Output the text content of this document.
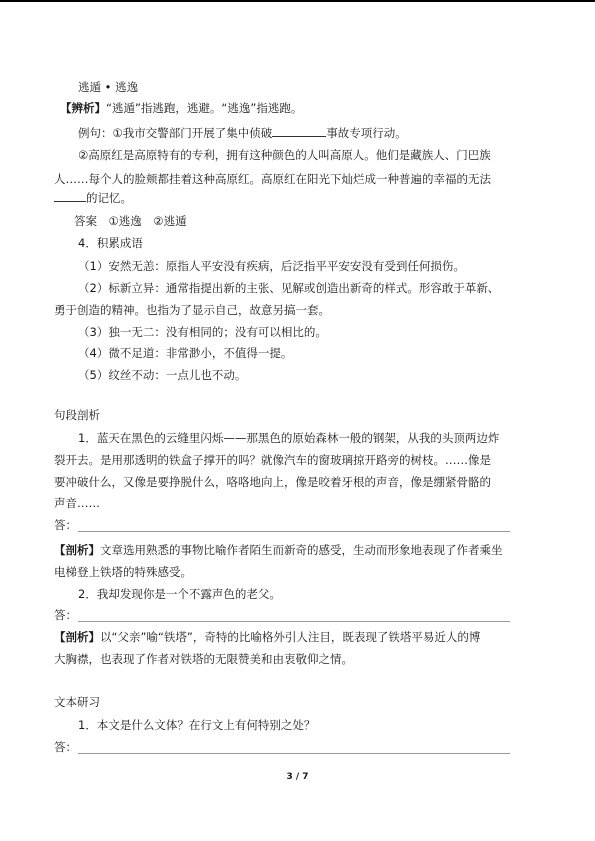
逃遁 • 逃逸
【辨析】“逃遁”指逃跑，逃避。“逃逸”指逃跑。
例句：①我市交警部门开展了集中侦破	事故专项行动。
②高原红是高原特有的专利，拥有这种颜色的人叫高原人。他们是藏族人、门巴族
人……每个人的脸颊都挂着这种高原红。高原红在阳光下灿烂成一种普遍的幸福的无法
的记忆。
答案　①逃逸　②逃遁
4．积累成语
（1）安然无恙：原指人平安没有疾病，后泛指平平安安没有受到任何损伤。
（2）标新立异：通常指提出新的主张、见解或创造出新奇的样式。形容敢于革新、
勇于创造的精神。也指为了显示自己，故意另搞一套。
（3）独一无二：没有相同的；没有可以相比的。
（4）微不足道：非常渺小，不值得一提。
（5）纹丝不动：一点儿也不动。
句段剖析
1．蓝天在黑色的云缝里闪烁——那黑色的原始森林一般的钢架，从我的头顶两边炸
裂开去。是用那透明的铁盒子撑开的吗？就像汽车的窗玻璃掠开路旁的树枝。……像是
要冲破什么，又像是要挣脱什么，咯咯地向上，像是咬着牙根的声音，像是绷紧骨骼的
声音……
答：
【剖析】文章选用熟悉的事物比喻作者陌生而新奇的感受，生动而形象地表现了作者乘坐
电梯登上铁塔的特殊感受。
2．我却发现你是一个不露声色的老父。
答：
【剖析】以“父亲”喻“铁塔”，奇特的比喻格外引人注目，既表现了铁塔平易近人的博
大胸襟，也表现了作者对铁塔的无限赞美和由衷敬仰之情。
文本研习
1．本文是什么文体？在行文上有何特别之处？
答：
3 / 7
